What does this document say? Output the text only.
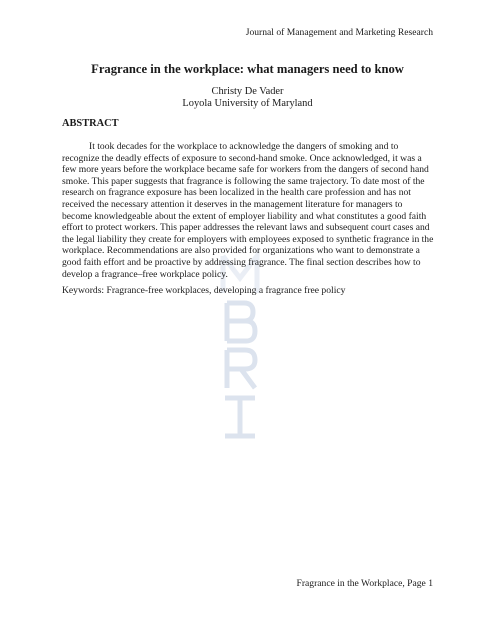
Journal of Management and Marketing Research
Fragrance in the workplace: what managers need to know
Christy De Vader
Loyola University of Maryland
ABSTRACT

It took decades for the workplace to acknowledge the dangers of smoking and to recognize the deadly effects of exposure to second-hand smoke. Once acknowledged, it was a few more years before the workplace became safe for workers from the dangers of second hand smoke. This paper suggests that fragrance is following the same trajectory. To date most of the research on fragrance exposure has been localized in the health care profession and has not received the necessary attention it deserves in the management literature for managers to become knowledgeable about the extent of employer liability and what constitutes a good faith effort to protect workers. This paper addresses the relevant laws and subsequent court cases and the legal liability they create for employers with employees exposed to synthetic fragrance in the workplace. Recommendations are also provided for organizations who want to demonstrate a good faith effort and be proactive by addressing fragrance. The final section describes how to develop a fragrance–free workplace policy.

Keywords: Fragrance-free workplaces, developing a fragrance free policy
Fragrance in the Workplace, Page 1
